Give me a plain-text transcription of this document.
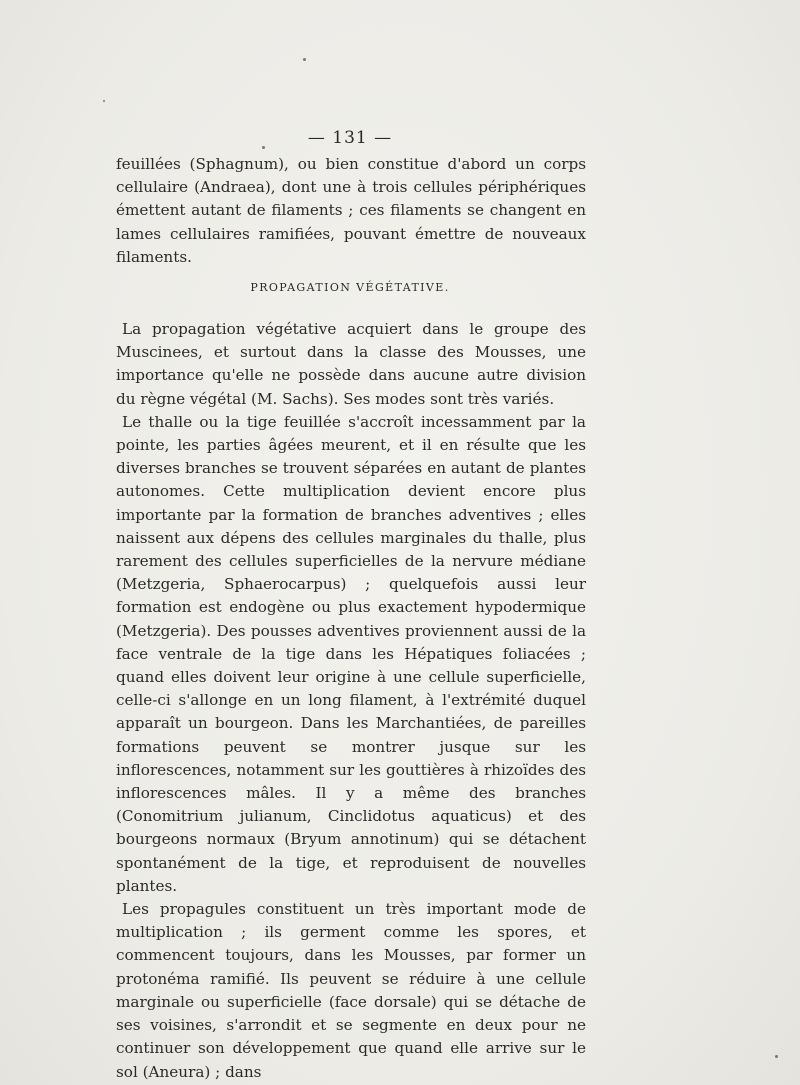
— 131 —

feuillées (Sphagnum), ou bien constitue d'abord un corps cellulaire (Andraea), dont une à trois cellules périphériques émettent autant de filaments ; ces filaments se changent en lames cellulaires ramifiées, pouvant émettre de nouveaux filaments.

PROPAGATION VÉGÉTATIVE.

La propagation végétative acquiert dans le groupe des Muscinees, et surtout dans la classe des Mousses, une importance qu'elle ne possède dans aucune autre division du règne végétal (M. Sachs). Ses modes sont très variés.

Le thalle ou la tige feuillée s'accroît incessamment par la pointe, les parties âgées meurent, et il en résulte que les diverses branches se trouvent séparées en autant de plantes autonomes. Cette multiplication devient encore plus importante par la formation de branches adventives ; elles naissent aux dépens des cellules marginales du thalle, plus rarement des cellules superficielles de la nervure médiane (Metzgeria, Sphaerocarpus) ; quelquefois aussi leur formation est endogène ou plus exactement hypodermique (Metzgeria). Des pousses adventives proviennent aussi de la face ventrale de la tige dans les Hépatiques foliacées ; quand elles doivent leur origine à une cellule superficielle, celle-ci s'allonge en un long filament, à l'extrémité duquel apparaît un bourgeon. Dans les Marchantiées, de pareilles formations peuvent se montrer jusque sur les inflorescences, notamment sur les gouttières à rhizoïdes des inflorescences mâles. Il y a même des branches (Conomitrium julianum, Cinclidotus aquaticus) et des bourgeons normaux (Bryum annotinum) qui se détachent spontanément de la tige, et reproduisent de nouvelles plantes.

Les propagules constituent un très important mode de multiplication ; ils germent comme les spores, et commencent toujours, dans les Mousses, par former un protonéma ramifié. Ils peuvent se réduire à une cellule marginale ou superficielle (face dorsale) qui se détache de ses voisines, s'arrondit et se segmente en deux pour ne continuer son développement que quand elle arrive sur le sol (Aneura) ; dans
